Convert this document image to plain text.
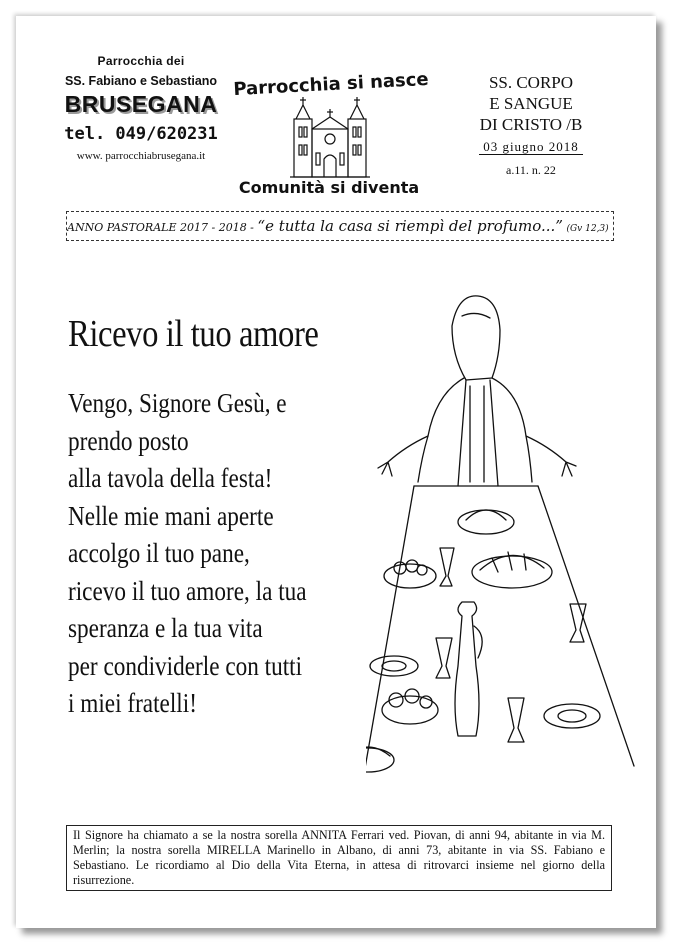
Parrocchia dei
SS. Fabiano e Sebastiano
BRUSEGANA
tel. 049/620231
www. parrocchiabrusegana.it
Parrocchia si nasce
Comunità si diventa
SS. CORPO
E SANGUE
DI CRISTO /B
03 giugno 2018
a.11. n. 22
ANNO PASTORALE 2017 - 2018 - “e tutta la casa si riempì del profumo...” (Gv 12,3)
Ricevo il tuo amore
Vengo, Signore Gesù, e
prendo posto
alla tavola della festa!
Nelle mie mani aperte
accolgo il tuo pane,
ricevo il tuo amore, la tua
speranza e la tua vita
per condividerle con tutti
i miei fratelli!
Il Signore ha chiamato a se la nostra sorella ANNITA Ferrari ved. Piovan, di anni 94, abitante in via M. Merlin; la nostra sorella MIRELLA Marinello in Albano, di anni 73, abitante in via SS. Fabiano e Sebastiano. Le ricordiamo al Dio della Vita Eterna, in attesa di ritrovarci insieme nel giorno della risurrezione.
